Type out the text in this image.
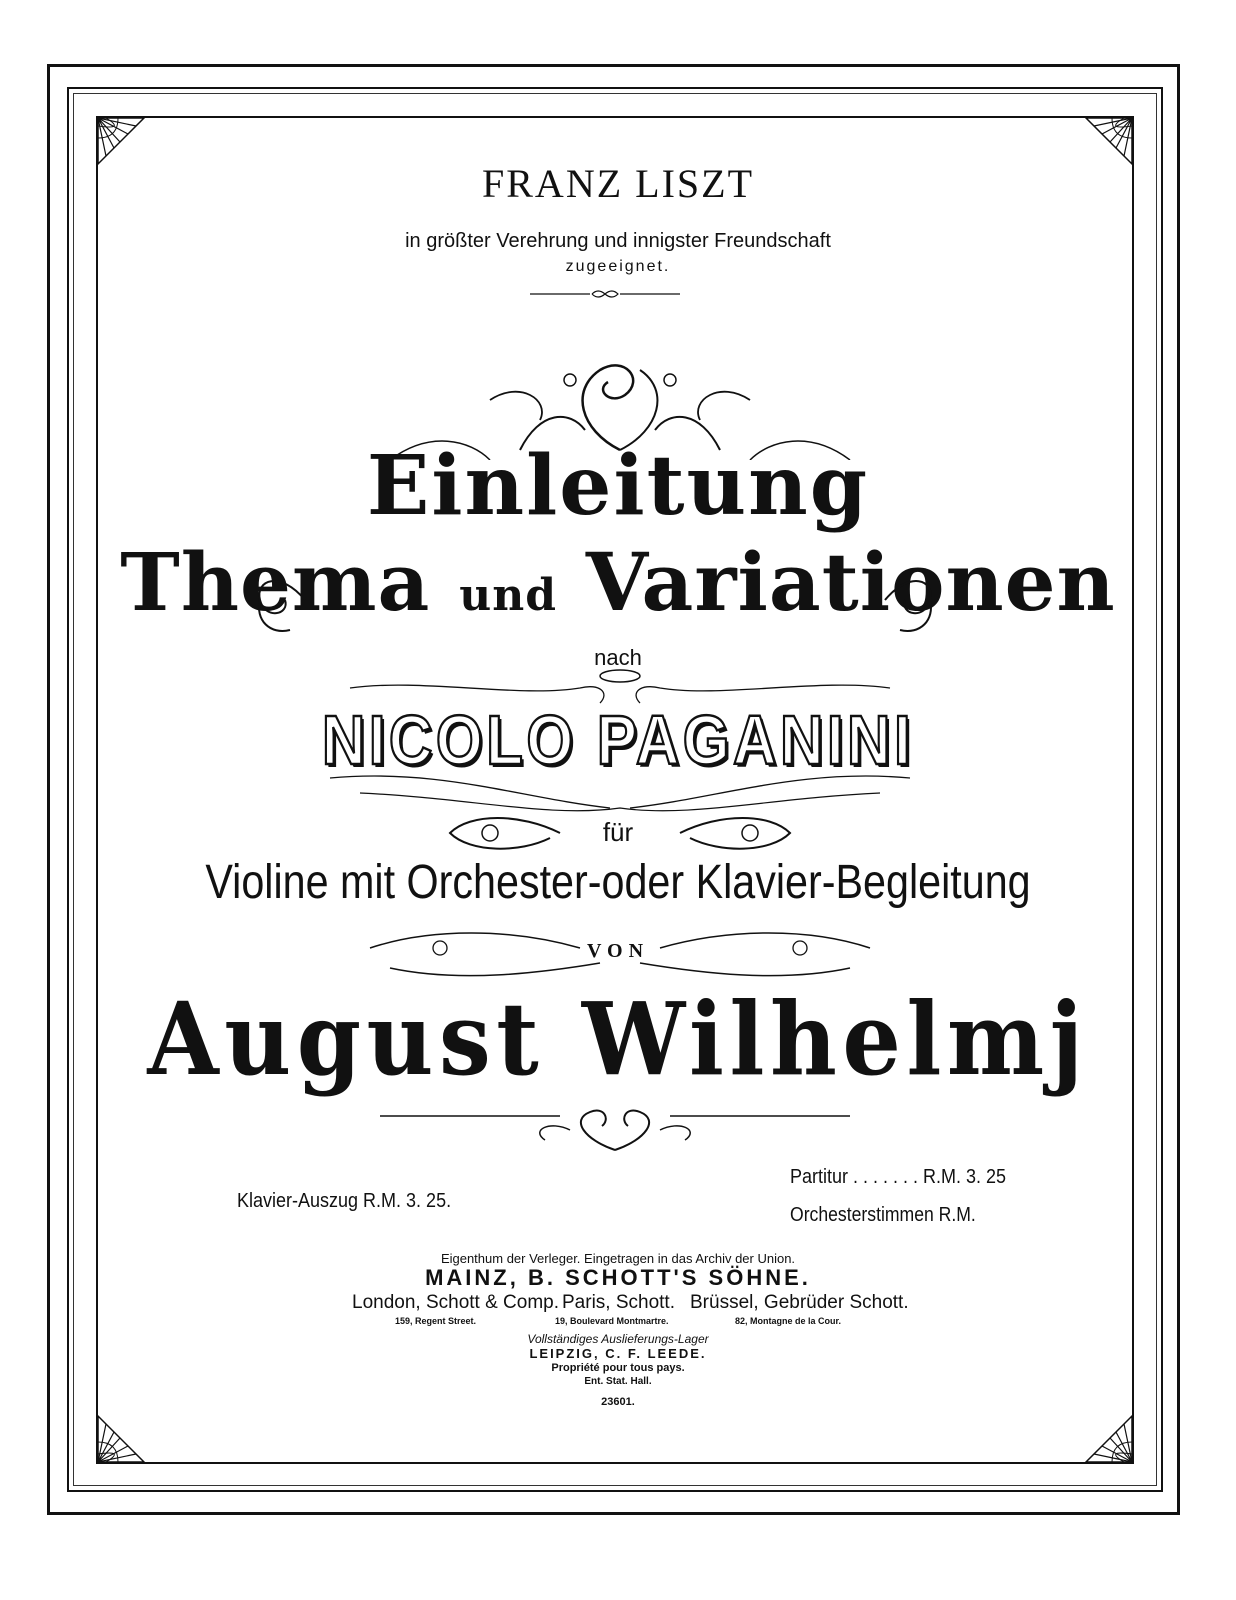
FRANZ LISZT
in größter Verehrung und innigster Freundschaft
zugeeignet.
Einleitung
Thema und Variationen
nach
NICOLO PAGANINI
für
Violine mit Orchester-oder Klavier-Begleitung
VON
August Wilhelmj
Klavier-Auszug R.M. 3. 25.
Partitur . . . . . . . R.M. 3. 25
Orchesterstimmen R.M.
Eigenthum der Verleger. Eingetragen in das Archiv der Union.
MAINZ, B. SCHOTT'S SÖHNE.
London, Schott & Comp.
159, Regent Street.
Paris, Schott.
19, Boulevard Montmartre.
Brüssel, Gebrüder Schott.
82, Montagne de la Cour.
Vollständiges Auslieferungs-Lager
LEIPZIG, C. F. LEEDE.
Propriété pour tous pays.
Ent. Stat. Hall.
23601.
